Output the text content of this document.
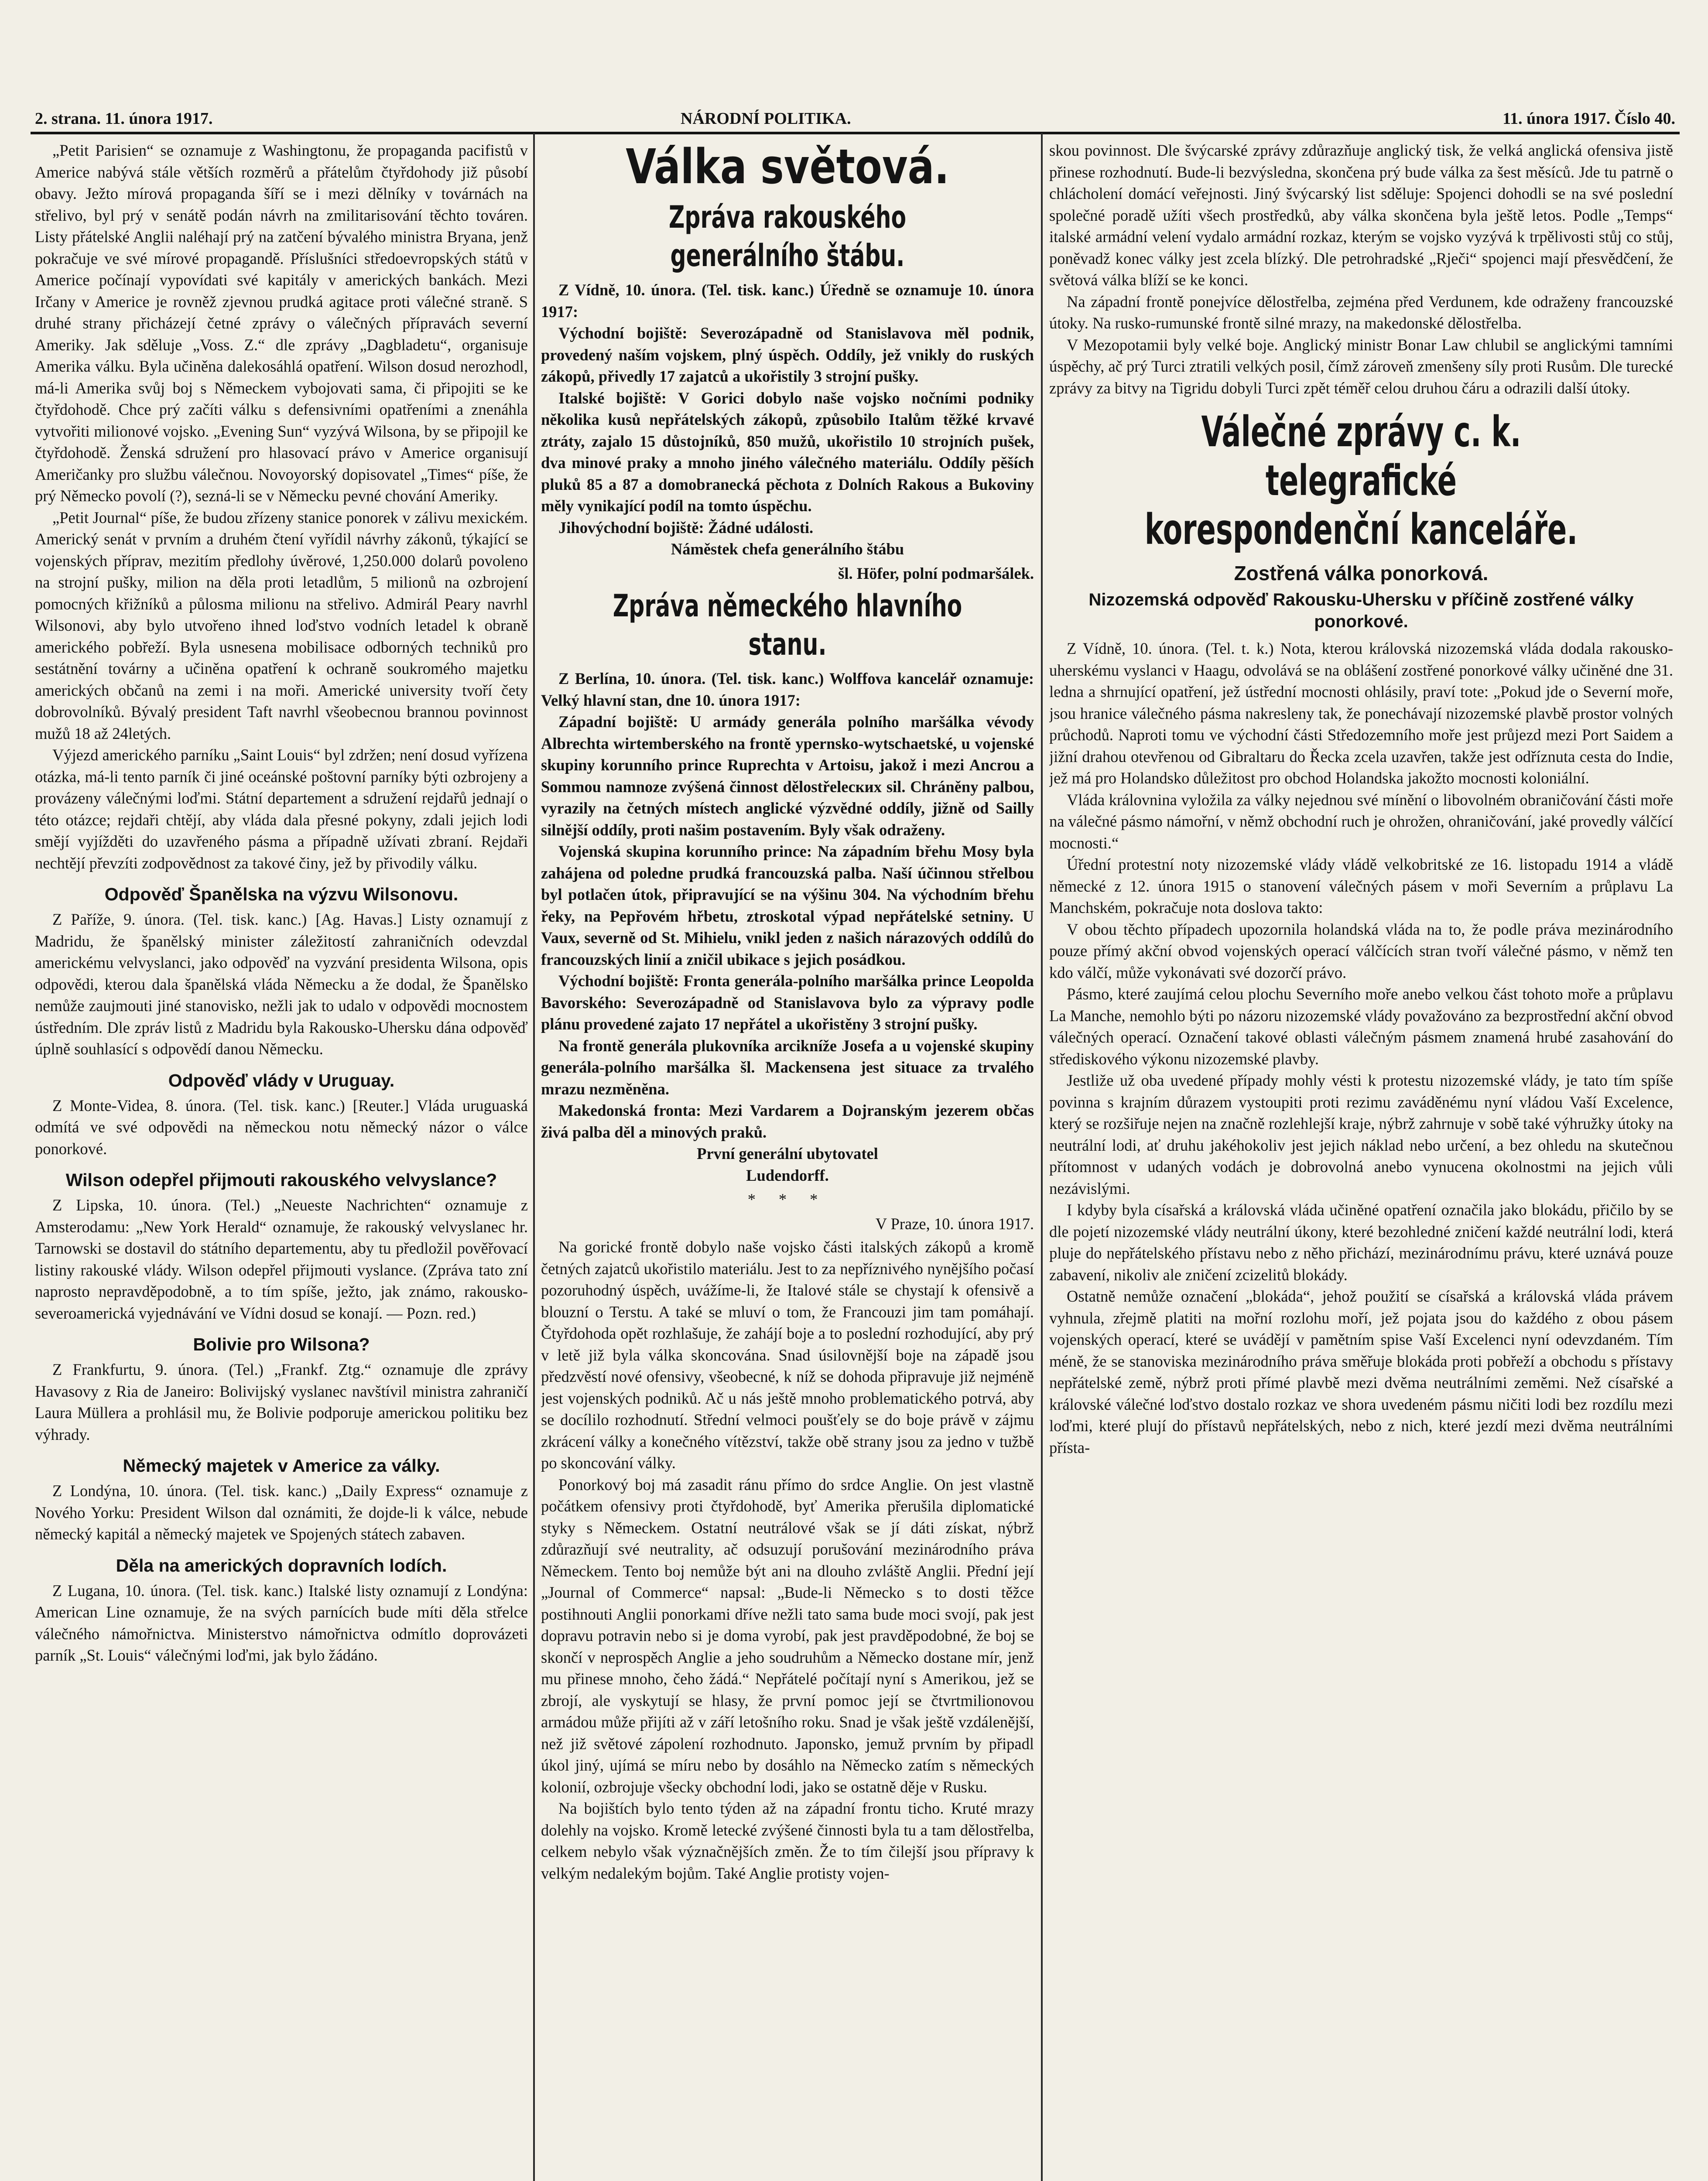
2. strana. 11. února 1917.	NÁRODNÍ POLITIKA.	11. února 1917. Číslo 40.

„Petit Parisien“ se oznamuje z Washingtonu, že propaganda pacifistů v Americe nabývá stále větších rozměrů a přátelům čtyřdohody již působí obavy. Ježto mírová propaganda šíří se i mezi dělníky v továrnách na střelivo, byl prý v senátě podán návrh na zmilitarisování těchto továren. Listy přátelské Anglii naléhají prý na zatčení bývalého ministra Bryana, jenž pokračuje ve své mírové propagandě. Příslušníci středoevropských států v Americe počínají vypovídati své kapitály v amerických bankách. Mezi Irčany v Americe je rovněž zjevnou prudká agitace proti válečné straně. S druhé strany přicházejí četné zprávy o válečných přípravách severní Ameriky. Jak sděluje „Voss. Z.“ dle zprávy „Dagbladetu“, organisuje Amerika válku. Byla učiněna dalekosáhlá opatření. Wilson dosud nerozhodl, má-li Amerika svůj boj s Německem vybojovati sama, či připojiti se ke čtyřdohodě. Chce prý začíti válku s defensivními opatřeními a znenáhla vytvořiti milionové vojsko. „Evening Sun“ vyzývá Wilsona, by se připojil ke čtyřdohodě. Ženská sdružení pro hlasovací právo v Americe organisují Američanky pro službu válečnou. Novoyorský dopisovatel „Times“ píše, že prý Německo povolí (?), sezná-li se v Německu pevné chování Ameriky.

„Petit Journal“ píše, že budou zřízeny stanice ponorek v zálivu mexickém. Americký senát v prvním a druhém čtení vyřídil návrhy zákonů, týkající se vojenských příprav, mezitím předlohy úvěrové, 1,250.000 dolarů povoleno na strojní pušky, milion na děla proti letadlům, 5 milionů na ozbrojení pomocných křižníků a půlosma milionu na střelivo. Admirál Peary navrhl Wilsonovi, aby bylo utvořeno ihned loďstvo vodních letadel k obraně amerického pobřeží. Byla usnesena mobilisace odborných techniků pro sestátnění továrny a učiněna opatření k ochraně soukromého majetku amerických občanů na zemi i na moři. Americké university tvoří čety dobrovolníků. Bývalý president Taft navrhl všeobecnou brannou povinnost mužů 18 až 24letých.

Výjezd amerického parníku „Saint Louis“ byl zdržen; není dosud vyřízena otázka, má-li tento parník či jiné oceánské poštovní parníky býti ozbrojeny a provázeny válečnými loďmi. Státní departement a sdružení rejdařů jednají o této otázce; rejdaři chtějí, aby vláda dala přesné pokyny, zdali jejich lodi smějí vyjížděti do uzavřeného pásma a případně užívati zbraní. Rejdaři nechtějí převzíti zodpovědnost za takové činy, jež by přivodily válku.

Odpověď Španělska na výzvu Wilsonovu.

Z Paříže, 9. února. (Tel. tisk. kanc.) [Ag. Havas.] Listy oznamují z Madridu, že španělský minister záležitostí zahraničních odevzdal americkému velvyslanci, jako odpověď na vyzvání presidenta Wilsona, opis odpovědi, kterou dala španělská vláda Německu a že dodal, že Španělsko nemůže zaujmouti jiné stanovisko, nežli jak to udalo v odpovědi mocnostem ústředním. Dle zpráv listů z Madridu byla Rakousko-Uhersku dána odpověď úplně souhlasící s odpovědí danou Německu.

Odpověď vlády v Uruguay.

Z Monte-Videa, 8. února. (Tel. tisk. kanc.) [Reuter.] Vláda uruguaská odmítá ve své odpovědi na německou notu německý názor o válce ponorkové.

Wilson odepřel přijmouti rakouského velvyslance?

Z Lipska, 10. února. (Tel.) „Neueste Nachrichten“ oznamuje z Amsterodamu: „New York Herald“ oznamuje, že rakouský velvyslanec hr. Tarnowski se dostavil do státního departementu, aby tu předložil pověřovací listiny rakouské vlády. Wilson odepřel přijmouti vyslance. (Zpráva tato zní naprosto nepravděpodobně, a to tím spíše, ježto, jak známo, rakousko-severoamerická vyjednávání ve Vídni dosud se konají. — Pozn. red.)

Bolivie pro Wilsona?

Z Frankfurtu, 9. února. (Tel.) „Frankf. Ztg.“ oznamuje dle zprávy Havasovy z Ria de Janeiro: Bolivijský vyslanec navštívil ministra zahraničí Laura Müllera a prohlásil mu, že Bolivie podporuje americkou politiku bez výhrady.

Německý majetek v Americe za války.

Z Londýna, 10. února. (Tel. tisk. kanc.) „Daily Express“ oznamuje z Nového Yorku: President Wilson dal oznámiti, že dojde-li k válce, nebude německý kapitál a německý majetek ve Spojených státech zabaven.

Děla na amerických dopravních lodích.

Z Lugana, 10. února. (Tel. tisk. kanc.) Italské listy oznamují z Londýna: American Line oznamuje, že na svých parnících bude míti děla střelce válečného námořnictva. Ministerstvo námořnictva odmítlo doprovázeti parník „St. Louis“ válečnými loďmi, jak bylo žádáno.

Válka světová.
Zpráva rakouského generálního štábu.

Z Vídně, 10. února. (Tel. tisk. kanc.) Úředně se oznamuje 10. února 1917:

Východní bojiště: Severozápadně od Stanislavova měl podnik, provedený naším vojskem, plný úspěch. Oddíly, jež vnikly do ruských zákopů, přivedly 17 zajatců a ukořistily 3 strojní pušky.

Italské bojiště: V Gorici dobylo naše vojsko nočními podniky několika kusů nepřátelských zákopů, způsobilo Italům těžké krvavé ztráty, zajalo 15 důstojníků, 850 mužů, ukořistilo 10 strojních pušek, dva minové praky a mnoho jiného válečného materiálu. Oddíly pěších pluků 85 a 87 a domobranecká pěchota z Dolních Rakous a Bukoviny měly vynikající podíl na tomto úspěchu.

Jihovýchodní bojiště: Žádné události.

Náměstek chefa generálního štábu
šl. Höfer, polní podmaršálek.
Zpráva německého hlavního stanu.

Z Berlína, 10. února. (Tel. tisk. kanc.) Wolffova kancelář oznamuje: Velký hlavní stan, dne 10. února 1917:

Západní bojiště: U armády generála polního maršálka vévody Albrechta wirtemberského na frontě ypernsko-wytschaetské, u vojenské skupiny korunního prince Ruprechta v Artoisu, jakož i mezi Ancrou a Sommou namnoze zvýšená činnost dělostřelecких sil. Chráněny palbou, vyrazily na četných místech anglické výzvědné oddíly, jižně od Sailly silnější oddíly, proti našim postavením. Byly však odraženy.

Vojenská skupina korunního prince: Na západním břehu Mosy byla zahájena od poledne prudká francouzská palba. Naší účinnou střelbou byl potlačen útok, připravující se na výšinu 304. Na východním břehu řeky, na Pepřovém hřbetu, ztroskotal výpad nepřátelské setniny. U Vaux, severně od St. Mihielu, vnikl jeden z našich nárazových oddílů do francouzských linií a zničil ubikace s jejich posádkou.

Východní bojiště: Fronta generála-polního maršálka prince Leopolda Bavorského: Severozápadně od Stanislavova bylo za výpravy podle plánu provedené zajato 17 nepřátel a ukořistěny 3 strojní pušky.

Na frontě generála plukovníka arcikníže Josefa a u vojenské skupiny generála-polního maršálka šl. Mackensena jest situace za trvalého mrazu nezměněna.

Makedonská fronta: Mezi Vardarem a Dojranským jezerem občas živá palba děl a minových praků.

První generální ubytovatel
Ludendorff.
* * *
V Praze, 10. února 1917.

Na gorické frontě dobylo naše vojsko části italských zákopů a kromě četných zajatců ukořistilo materiálu. Jest to za nepříznivého nynějšího počasí pozoruhodný úspěch, uvážíme-li, že Italové stále se chystají k ofensivě a blouzní o Terstu. A také se mluví o tom, že Francouzi jim tam pomáhají. Čtyřdohoda opět rozhlašuje, že zahájí boje a to poslední rozhodující, aby prý v letě již byla válka skoncována. Snad úsilovnější boje na západě jsou předzvěstí nové ofensivy, všeobecné, k níž se dohoda připravuje již nejméně jest vojenských podniků. Ač u nás ještě mnoho problematického potrvá, aby se docílilo rozhodnutí. Střední velmoci poušťely se do boje právě v zájmu zkrácení války a konečného vítězství, takže obě strany jsou za jedno v tužbě po skoncování války.

Ponorkový boj má zasadit ránu přímo do srdce Anglie. On jest vlastně počátkem ofensivy proti čtyřdohodě, byť Amerika přerušila diplomatické styky s Německem. Ostatní neutrálové však se jí dáti získat, nýbrž zdůrazňují své neutrality, ač odsuzují porušování mezinárodního práva Německem. Tento boj nemůže být ani na dlouho zvláště Anglii. Přední její „Journal of Commerce“ napsal: „Bude-li Německo s to dosti těžce postihnouti Anglii ponorkami dříve nežli tato sama bude moci svojí, pak jest dopravu potravin nebo si je doma vyrobí, pak jest pravděpodobné, že boj se skončí v neprospěch Anglie a jeho soudruhům a Německo dostane mír, jenž mu přinese mnoho, čeho žádá.“ Nepřátelé počítají nyní s Amerikou, jež se zbrojí, ale vyskytují se hlasy, že první pomoc její se čtvrtmilionovou armádou může přijíti až v září letošního roku. Snad je však ještě vzdálenější, než již světové zápolení rozhodnuto. Japonsko, jemuž prvním by připadl úkol jiný, ujímá se míru nebo by dosáhlo na Německo zatím s německých kolonií, ozbrojuje všecky obchodní lodi, jako se ostatně děje v Rusku.

Na bojištích bylo tento týden až na západní frontu ticho. Kruté mrazy dolehly na vojsko. Kromě letecké zvýšené činnosti byla tu a tam dělostřelba, celkem nebylo však význačnějších změn. Že to tím čilejší jsou přípravy k velkým nedalekým bojům. Také Anglie protisty vojen-

skou povinnost. Dle švýcarské zprávy zdůrazňuje anglický tisk, že velká anglická ofensiva jistě přinese rozhodnutí. Bude-li bezvýsledna, skončena prý bude válka za šest měsíců. Jde tu patrně o chlácholení domácí veřejnosti. Jiný švýcarský list sděluje: Spojenci dohodli se na své poslední společné poradě užíti všech prostředků, aby válka skončena byla ještě letos. Podle „Temps“ italské armádní velení vydalo armádní rozkaz, kterým se vojsko vyzývá k trpělivosti stůj co stůj, poněvadž konec války jest zcela blízký. Dle petrohradské „Rječi“ spojenci mají přesvědčení, že světová válka blíží se ke konci.

Na západní frontě ponejvíce dělostřelba, zejména před Verdunem, kde odraženy francouzské útoky. Na rusko-rumunské frontě silné mrazy, na makedonské dělostřelba.

V Mezopotamii byly velké boje. Anglický ministr Bonar Law chlubil se anglickými tamními úspěchy, ač prý Turci ztratili velkých posil, čímž zároveň zmenšeny síly proti Rusům. Dle turecké zprávy za bitvy na Tigridu dobyli Turci zpět téměř celou druhou čáru a odrazili další útoky.

Válečné zprávy c. k. telegrafické korespondenční kanceláře.
Zostřená válka ponorková.
Nizozemská odpověď Rakousku-Uhersku v příčině zostřené války ponorkové.

Z Vídně, 10. února. (Tel. t. k.) Nota, kterou královská nizozemská vláda dodala rakousko-uherskému vyslanci v Haagu, odvolává se na oblášení zostřené ponorkové války učiněné dne 31. ledna a shrnující opatření, jež ústřední mocnosti ohlásily, praví tote: „Pokud jde o Severní moře, jsou hranice válečného pásma nakresleny tak, že ponechávají nizozemské plavbě prostor volných průchodů. Naproti tomu ve východní části Středozemního moře jest průjezd mezi Port Saidem a jižní drahou otevřenou od Gibraltaru do Řecka zcela uzavřen, takže jest odříznuta cesta do Indie, jež má pro Holandsko důležitost pro obchod Holandska jakožto mocnosti koloniální.

Vláda královnina vyložila za války nejednou své mínění o libovolném obraničování části moře na válečné pásmo námořní, v němž obchodní ruch je ohrožen, ohraničování, jaké provedly válčící mocnosti.“

Úřední protestní noty nizozemské vlády vládě velkobritské ze 16. listopadu 1914 a vládě německé z 12. února 1915 o stanovení válečných pásem v moři Severním a průplavu La Manchském, pokračuje nota doslova takto:

V obou těchto případech upozornila holandská vláda na to, že podle práva mezinárodního pouze přímý akční obvod vojenských operací válčících stran tvoří válečné pásmo, v němž ten kdo válčí, může vykonávati své dozorčí právo.

Pásmo, které zaujímá celou plochu Severního moře anebo velkou část tohoto moře a průplavu La Manche, nemohlo býti po názoru nizozemské vlády považováno za bezprostřední akční obvod válečných operací. Označení takové oblasti válečným pásmem znamená hrubé zasahování do střediskového výkonu nizozemské plavby.

Jestliže už oba uvedené případy mohly vésti k protestu nizozemské vlády, je tato tím spíše povinna s krajním důrazem vystoupiti proti rezimu zaváděnému nyní vládou Vaší Excelence, který se rozšiřuje nejen na značně rozlehlejší kraje, nýbrž zahrnuje v sobě také výhružky útoky na neutrální lodi, ať druhu jakéhokoliv jest jejich náklad nebo určení, a bez ohledu na skutečnou přítomnost v udaných vodách je dobrovolná anebo vynucena okolnostmi na jejich vůli nezávislými.

I kdyby byla císařská a královská vláda učiněné opatření označila jako blokádu, přičilo by se dle pojetí nizozemské vlády neutrální úkony, které bezohledné zničení každé neutrální lodi, která pluje do nepřátelského přístavu nebo z něho přichází, mezinárodnímu právu, které uznává pouze zabavení, nikoliv ale zničení zcizelitů blokády.

Ostatně nemůže označení „blokáda“, jehož použití se císařská a královská vláda právem vyhnula, zřejmě platiti na mořní rozlohu moří, jež pojata jsou do každého z obou pásem vojenských operací, které se uvádějí v pamětním spise Vaší Excelenci nyní odevzdaném. Tím méně, že se stanoviska mezinárodního práva směřuje blokáda proti pobřeží a obchodu s přístavy nepřátelské země, nýbrž proti přímé plavbě mezi dvěma neutrálními zeměmi. Než císařské a královské válečné loďstvo dostalo rozkaz ve shora uvedeném pásmu ničiti lodi bez rozdílu mezi loďmi, které plují do přístavů nepřátelských, nebo z nich, které jezdí mezi dvěma neutrálními přísta-
